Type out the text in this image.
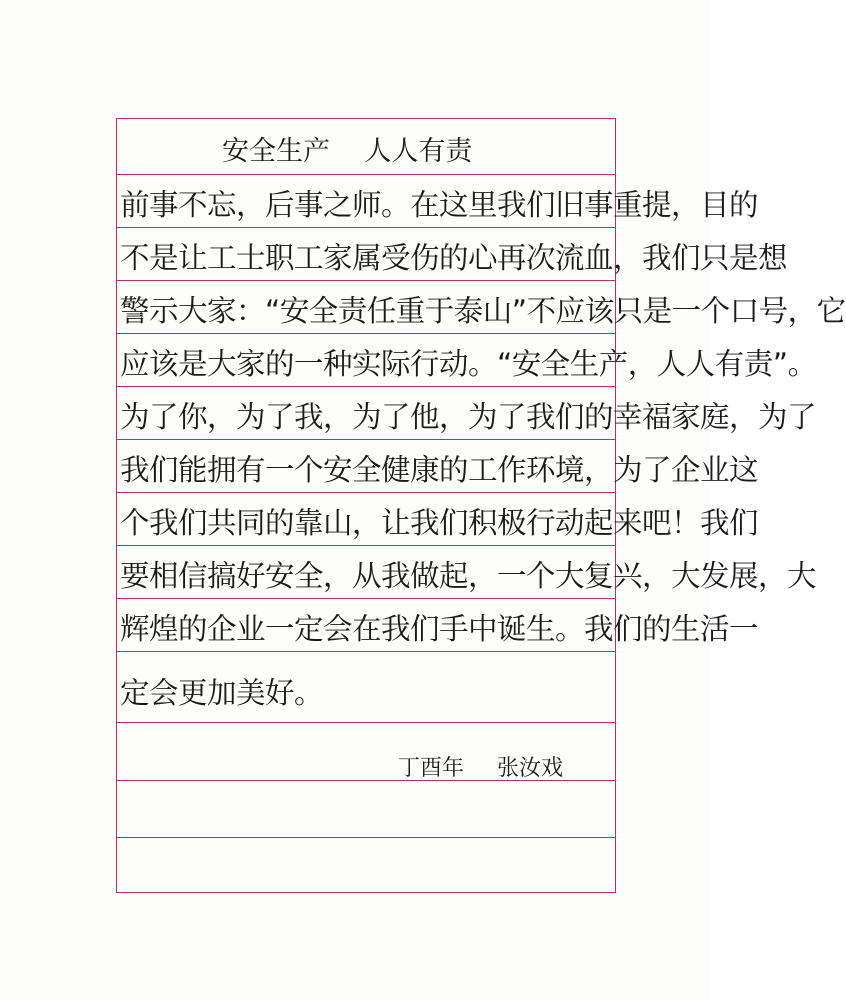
安全生产    人人有责
前事不忘，后事之师。在这里我们旧事重提，目的
不是让工士职工家属受伤的心再次流血，我们只是想
警示大家：“安全责任重于泰山”不应该只是一个口号，它
应该是大家的一种实际行动。“安全生产，人人有责”。
为了你，为了我，为了他，为了我们的幸福家庭，为了
我们能拥有一个安全健康的工作环境，为了企业这
个我们共同的靠山，让我们积极行动起来吧！我们
要相信搞好安全，从我做起，一个大复兴，大发展，大
辉煌的企业一定会在我们手中诞生。我们的生活一
定会更加美好。
丁酉年 张汝戏
